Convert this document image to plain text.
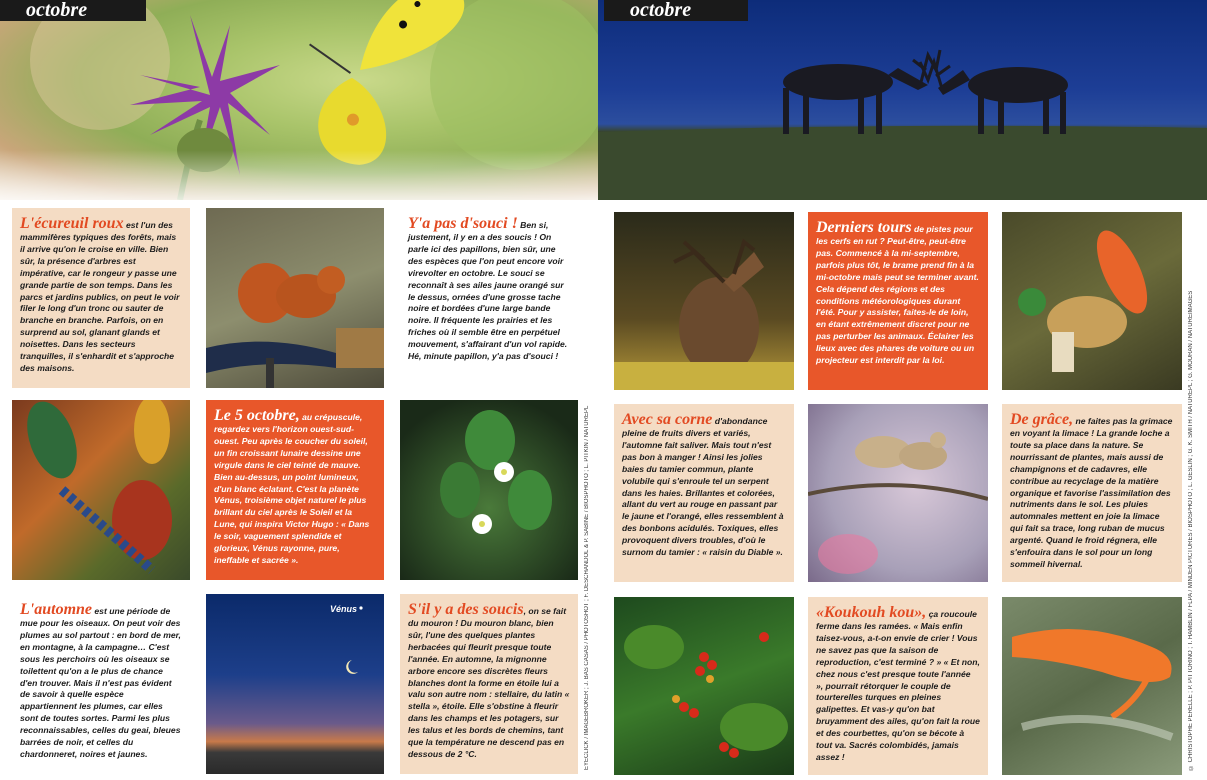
octobre	octobre
L'écureuil roux est l'un des mammifères typiques des forêts, mais il arrive qu'on le croise en ville. Bien sûr, la présence d'arbres est impérative, car le rongeur y passe une grande partie de son temps. Dans les parcs et jardins publics, on peut le voir filer le long d'un tronc ou sauter de branche en branche. Parfois, on en surprend au sol, glanant glands et noisettes. Dans les secteurs tranquilles, il s'enhardit et s'approche des maisons.
Y'a pas d'souci ! Ben si, justement, il y en a des soucis ! On parle ici des papillons, bien sûr, une des espèces que l'on peut encore voir virevolter en octobre. Le souci se reconnaît à ses ailes jaune orangé sur le dessus, ornées d'une grosse tache noire et bordées d'une large bande noire. Il fréquente les prairies et les friches où il semble être en perpétuel mouvement, s'affairant d'un vol rapide. Hé, minute papillon, y'a pas d'souci !
Le 5 octobre, au crépuscule, regardez vers l'horizon ouest-sud-ouest. Peu après le coucher du soleil, un fin croissant lunaire dessine une virgule dans le ciel teinté de mauve. Bien au-dessus, un point lumineux, d'un blanc éclatant. C'est la planète Vénus, troisième objet naturel le plus brillant du ciel après le Soleil et la Lune, qui inspira Victor Hugo : « Dans le soir, vaguement splendide et glorieux, Vénus rayonne, pure, ineffable et sacrée ».
L'automne est une période de mue pour les oiseaux. On peut voir des plumes au sol partout : en bord de mer, en montagne, à la campagne… C'est sous les perchoirs où les oiseaux se toilettent qu'on a le plus de chance d'en trouver. Mais il n'est pas évident de savoir à quelle espèce appartiennent les plumes, car elles sont de toutes sortes. Parmi les plus reconnaissables, celles du geai, bleues barrées de noir, et celles du chardonneret, noires et jaunes.
Vénus	S'il y a des soucis, on se fait du mouron ! Du mouron blanc, bien sûr, l'une des quelques plantes herbacées qui fleurit presque toute l'année. En automne, la mignonne arbore encore ses discrètes fleurs blanches dont la forme en étoile lui a valu son autre nom : stellaire, du latin « stella », étoile. Elle s'obstine à fleurir dans les champs et les potagers, sur les talus et les bords de chemins, tant que la température ne descend pas en dessous de 2 °C.	EYECLICK / IMAGEBROKER ; J. BAS CASAS / PHOTOSHOT ; F. DESCHANDOL & P. SABINE / BIOSPHOTO ; L. PITKIN / NATUREPL
Derniers tours de pistes pour les cerfs en rut ? Peut-être, peut-être pas. Commencé à la mi-septembre, parfois plus tôt, le brame prend fin à la mi-octobre mais peut se terminer avant. Cela dépend des régions et des conditions météorologiques durant l'été. Pour y assister, faites-le de loin, en étant extrêmement discret pour ne pas perturber les animaux. Éclairer les lieux avec des phares de voiture ou un projecteur est interdit par la loi.
Avec sa corne d'abondance pleine de fruits divers et variés, l'automne fait saliver. Mais tout n'est pas bon à manger ! Ainsi les jolies baies du tamier commun, plante volubile qui s'enroule tel un serpent dans les haies. Brillantes et colorées, allant du vert au rouge en passant par le jaune et l'orangé, elles ressemblent à des bonbons acidulés. Toxiques, elles provoquent divers troubles, d'où le surnom du tamier : « raisin du Diable ».
De grâce, ne faites pas la grimace en voyant la limace ! La grande loche a toute sa place dans la nature. Se nourrissant de plantes, mais aussi de champignons et de cadavres, elle contribue au recyclage de la matière organique et favorise l'assimilation des nutriments dans le sol. Les pluies automnales mettent en joie la limace qui fait sa trace, long ruban de mucus argenté. Quand le froid régnera, elle s'enfouira dans le sol pour un long sommeil hivernal.
«Koukouh kou», ça roucoule ferme dans les ramées. « Mais enfin taisez-vous, a-t-on envie de crier ! Vous ne savez pas que la saison de reproduction, c'est terminé ? » « Et non, chez nous c'est presque toute l'année », pourrait rétorquer le couple de tourterelles turques en pleines galipettes. Et vas-y qu'on bat bruyamment des ailes, qu'on fait la roue et des courbettes, qu'on se bécote à tout va. Sacrés colombidés, jamais assez !	© CHRISTOPHE PERELLE ; P. PITTORINO ; T. HAMBLIN / FLPA / MINDEN PICTURES / BIOSPHOTO ; L. GESLIN ; G. K. SMITH / NATUREPL ; G. MOURAN / NATUREIMAGES
